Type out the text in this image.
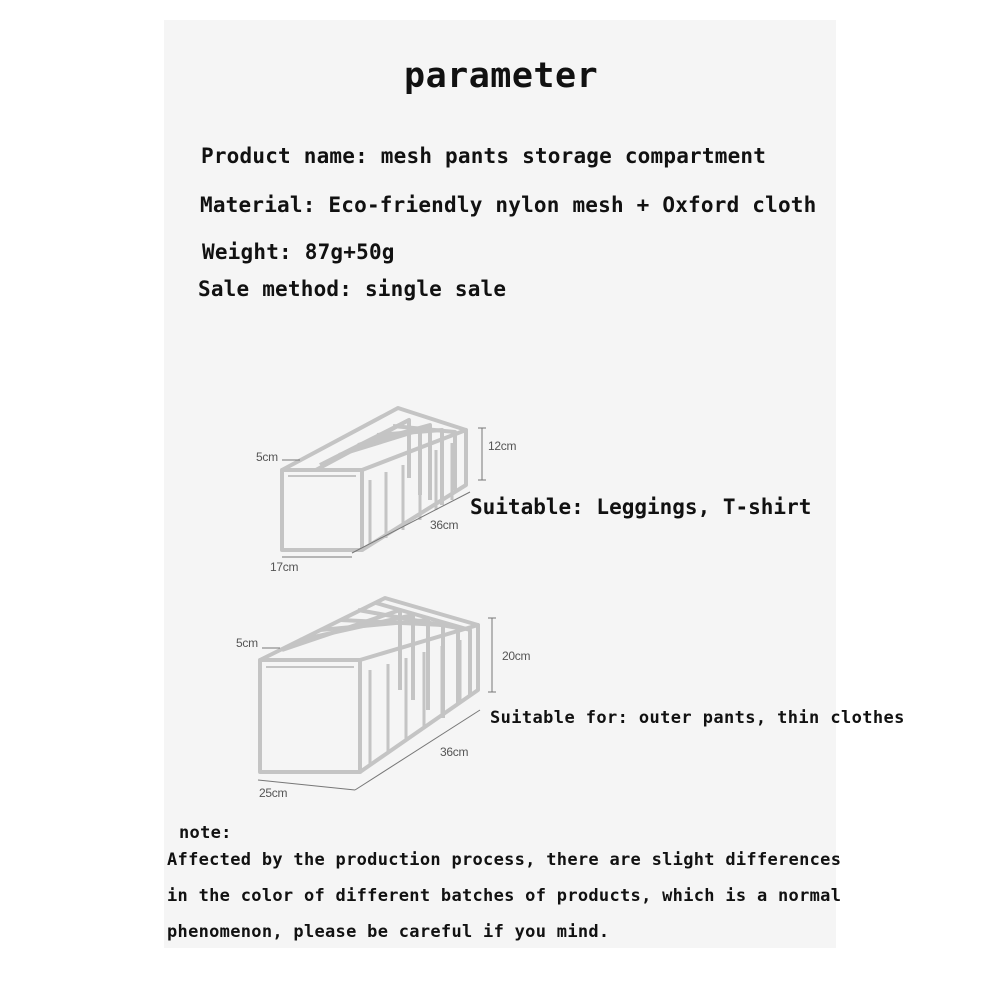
parameter

Product name: mesh pants storage compartment

Material: Eco-friendly nylon mesh + Oxford cloth

Weight: 87g+50g

Sale method: single sale

12cm
5cm
36cm
17cm

Suitable: Leggings, T-shirt

20cm
5cm
36cm
25cm

Suitable for: outer pants, thin clothes

note:

Affected by the production process, there are slight differences

in the color of different batches of products, which is a normal

phenomenon, please be careful if you mind.
